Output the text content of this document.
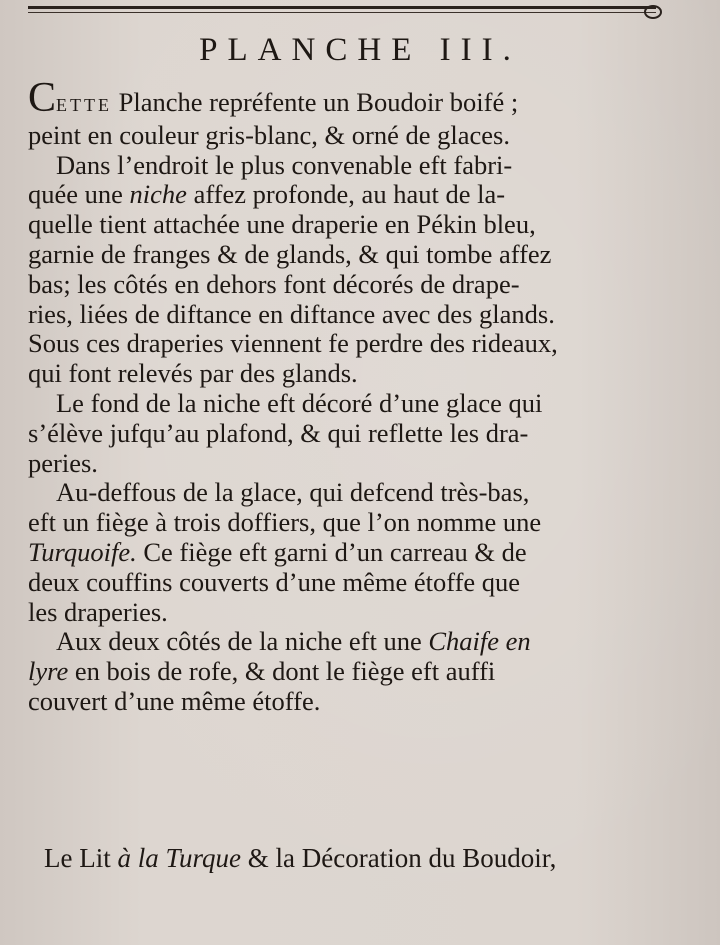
PLANCHE III.

CETTE Planche repréfente un Boudoir boifé ;
peint en couleur gris-blanc, & orné de glaces.

Dans l’endroit le plus convenable eft fabri-
quée une niche affez profonde, au haut de la-
quelle tient attachée une draperie en Pékin bleu,
garnie de franges & de glands, & qui tombe affez
bas; les côtés en dehors font décorés de drape-
ries, liées de diftance en diftance avec des glands.
Sous ces draperies viennent fe perdre des rideaux,
qui font relevés par des glands.

Le fond de la niche eft décoré d’une glace qui
s’élève jufqu’au plafond, & qui reflette les dra-
peries.

Au-deffous de la glace, qui defcend très-bas,
eft un fiège à trois doffiers, que l’on nomme une
Turquoife. Ce fiège eft garni d’un carreau & de
deux couffins couverts d’une même étoffe que
les draperies.

Aux deux côtés de la niche eft une Chaife en
lyre en bois de rofe, & dont le fiège eft auffi
couvert d’une même étoffe.

Le Lit à la Turque & la Décoration du Boudoir,
